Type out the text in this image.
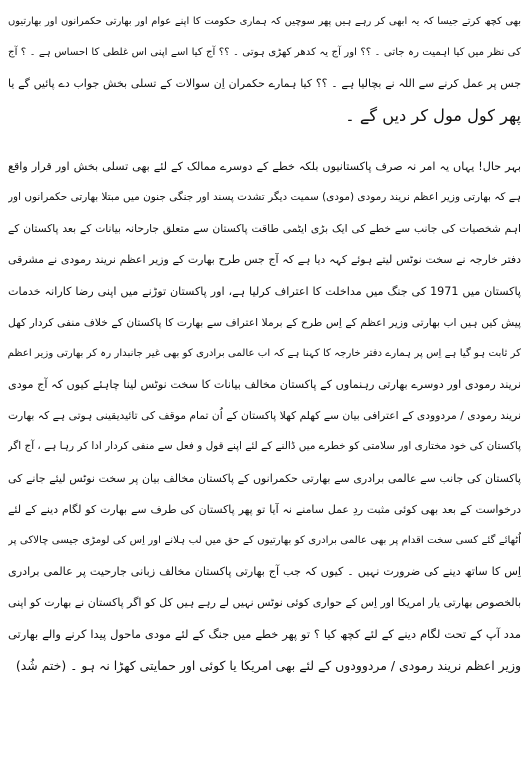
بھی کچھ کرتے جیسا کہ یہ ابھی کر رہے ہیں پھر سوچیں کہ ہماری حکومت کا اپنے عوام اور بھارتی حکمرانوں اور بھارتیوں
کی نظر میں کیا اہمیت رہ جاتی ۔ ؟؟ اور آج یہ کدھر کھڑی ہوتی ۔ ؟؟ آج کیا اسے اپنی اس غلطی کا احساس ہے ۔ ؟ آج
جس پر عمل کرنے سے اللہ نے بچالیا ہے ۔ ؟؟ کیا ہمارے حکمران اِن سوالات کے تسلی بخش جواب دے پائیں گے یا
پھر کول مول کر دیں گے ۔
بہر حال! یہاں یہ امر نہ صرف پاکستانیوں بلکہ خطے کے دوسرے ممالک کے لئے بھی تسلی بخش اور قرار واقع
ہے کہ بھارتی وزیر اعظم نریند رمودی (مودی) سمیت دیگر تشدت پسند اور جنگی جنون میں مبتلا بھارتی حکمرانوں اور
اہم شخصیات کی جانب سے خطے کی ایک بڑی ایٹمی طاقت پاکستان سے متعلق جارحانہ بیانات کے بعد پاکستان کے
دفتر خارجہ نے سخت نوٹس لیتے ہوئے کہہ دیا ہے کہ آج جس طرح بھارت کے وزیر اعظم نریند رمودی نے مشرقی
پاکستان میں 1971 کی جنگ میں مداخلت کا اعتراف کرلیا ہے، اور پاکستان توڑنے میں اپنی رضا کارانہ خدمات
پیش کیں ہیں اب بھارتی وزیر اعظم کے اِس طرح کے برملا اعتراف سے بھارت کا پاکستان کے خلاف منفی کردار کھل
کر ثابت ہو گیا ہے اِس پر ہمارے دفتر خارجہ کا کہنا ہے کہ اب عالمی برادری کو بھی غیر جانبدار رہ کر بھارتی وزیر اعظم
نریند رمودی اور دوسرے بھارتی رہنماوں کے پاکستان مخالف بیانات کا سخت نوٹس لینا چاہئے کیوں کہ آج مودی
نریند رمودی / مردوودی کے اعترافی بیان سے کھلم کھلا پاکستان کے اُن تمام موقف کی تائیدیقینی ہوتی ہے کہ بھارت
پاکستان کی خود مختاری اور سلامتی کو خطرے میں ڈالنے کے لئے اپنے قول و فعل سے منفی کردار ادا کر رہا ہے ، آج اگر
پاکستان کی جانب سے عالمی برادری سے بھارتی حکمرانوں کے پاکستان مخالف بیان پر سخت نوٹس لیئے جانے کی
درخواست کے بعد بھی کوئی مثبت ردِ عمل سامنے نہ آیا تو پھر پاکستان کی طرف سے بھارت کو لگام دینے کے لئے
اُٹھائے گئے کسی سخت اقدام پر بھی عالمی برادری کو بھارتیوں کے حق میں لب ہلانے اور اِس کی لومڑی جیسی چالاکی پر
اِس کا ساتھ دینے کی ضرورت نہیں ۔ کیوں کہ جب آج بھارتی پاکستان مخالف زبانی جارحیت پر عالمی برادری
بالخصوص بھارتی یار امریکا اور اِس کے حواری کوئی نوٹس نہیں لے رہے ہیں کل کو اگر پاکستان نے بھارت کو اپنی
مدد آپ کے تحت لگام دینے کے لئے کچھ کیا ؟ تو پھر خطے میں جنگ کے لئے مودی ماحول پیدا کرنے والے بھارتی
وزیر اعظم نریند رمودی / مردوودوں کے لئے بھی امریکا یا کوئی اور حمایتی کھڑا نہ ہو ۔ (ختم شُد)
